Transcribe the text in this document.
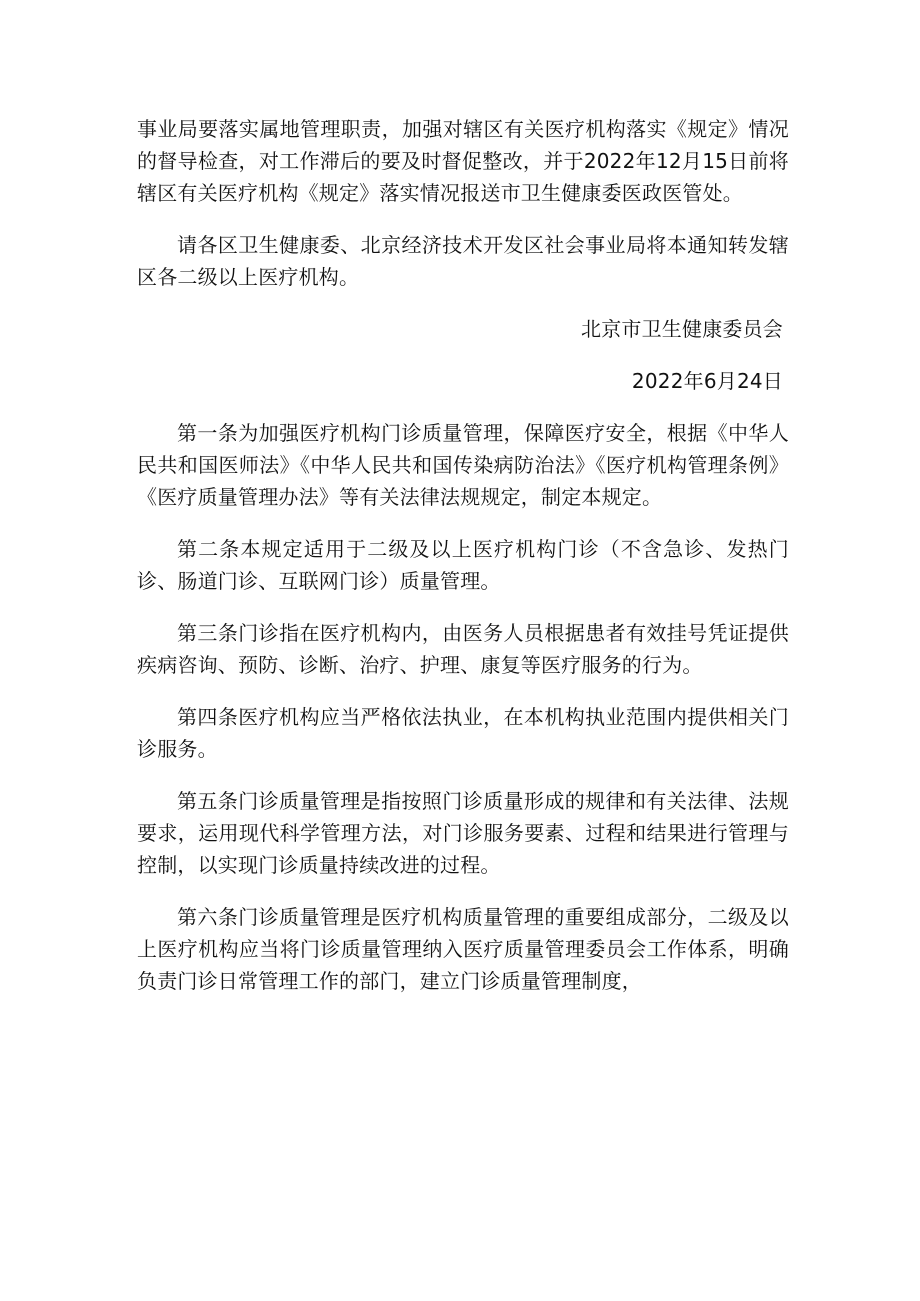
事业局要落实属地管理职责，加强对辖区有关医疗机构落实《规定》情况的督导检查，对工作滞后的要及时督促整改，并于2022年12月15日前将辖区有关医疗机构《规定》落实情况报送市卫生健康委医政医管处。

请各区卫生健康委、北京经济技术开发区社会事业局将本通知转发辖区各二级以上医疗机构。

北京市卫生健康委员会

2022年6月24日

第一条为加强医疗机构门诊质量管理，保障医疗安全，根据《中华人民共和国医师法》《中华人民共和国传染病防治法》《医疗机构管理条例》《医疗质量管理办法》等有关法律法规规定，制定本规定。

第二条本规定适用于二级及以上医疗机构门诊（不含急诊、发热门诊、肠道门诊、互联网门诊）质量管理。

第三条门诊指在医疗机构内，由医务人员根据患者有效挂号凭证提供疾病咨询、预防、诊断、治疗、护理、康复等医疗服务的行为。

第四条医疗机构应当严格依法执业，在本机构执业范围内提供相关门诊服务。

第五条门诊质量管理是指按照门诊质量形成的规律和有关法律、法规要求，运用现代科学管理方法，对门诊服务要素、过程和结果进行管理与控制，以实现门诊质量持续改进的过程。

第六条门诊质量管理是医疗机构质量管理的重要组成部分，二级及以上医疗机构应当将门诊质量管理纳入医疗质量管理委员会工作体系，明确负责门诊日常管理工作的部门，建立门诊质量管理制度，
